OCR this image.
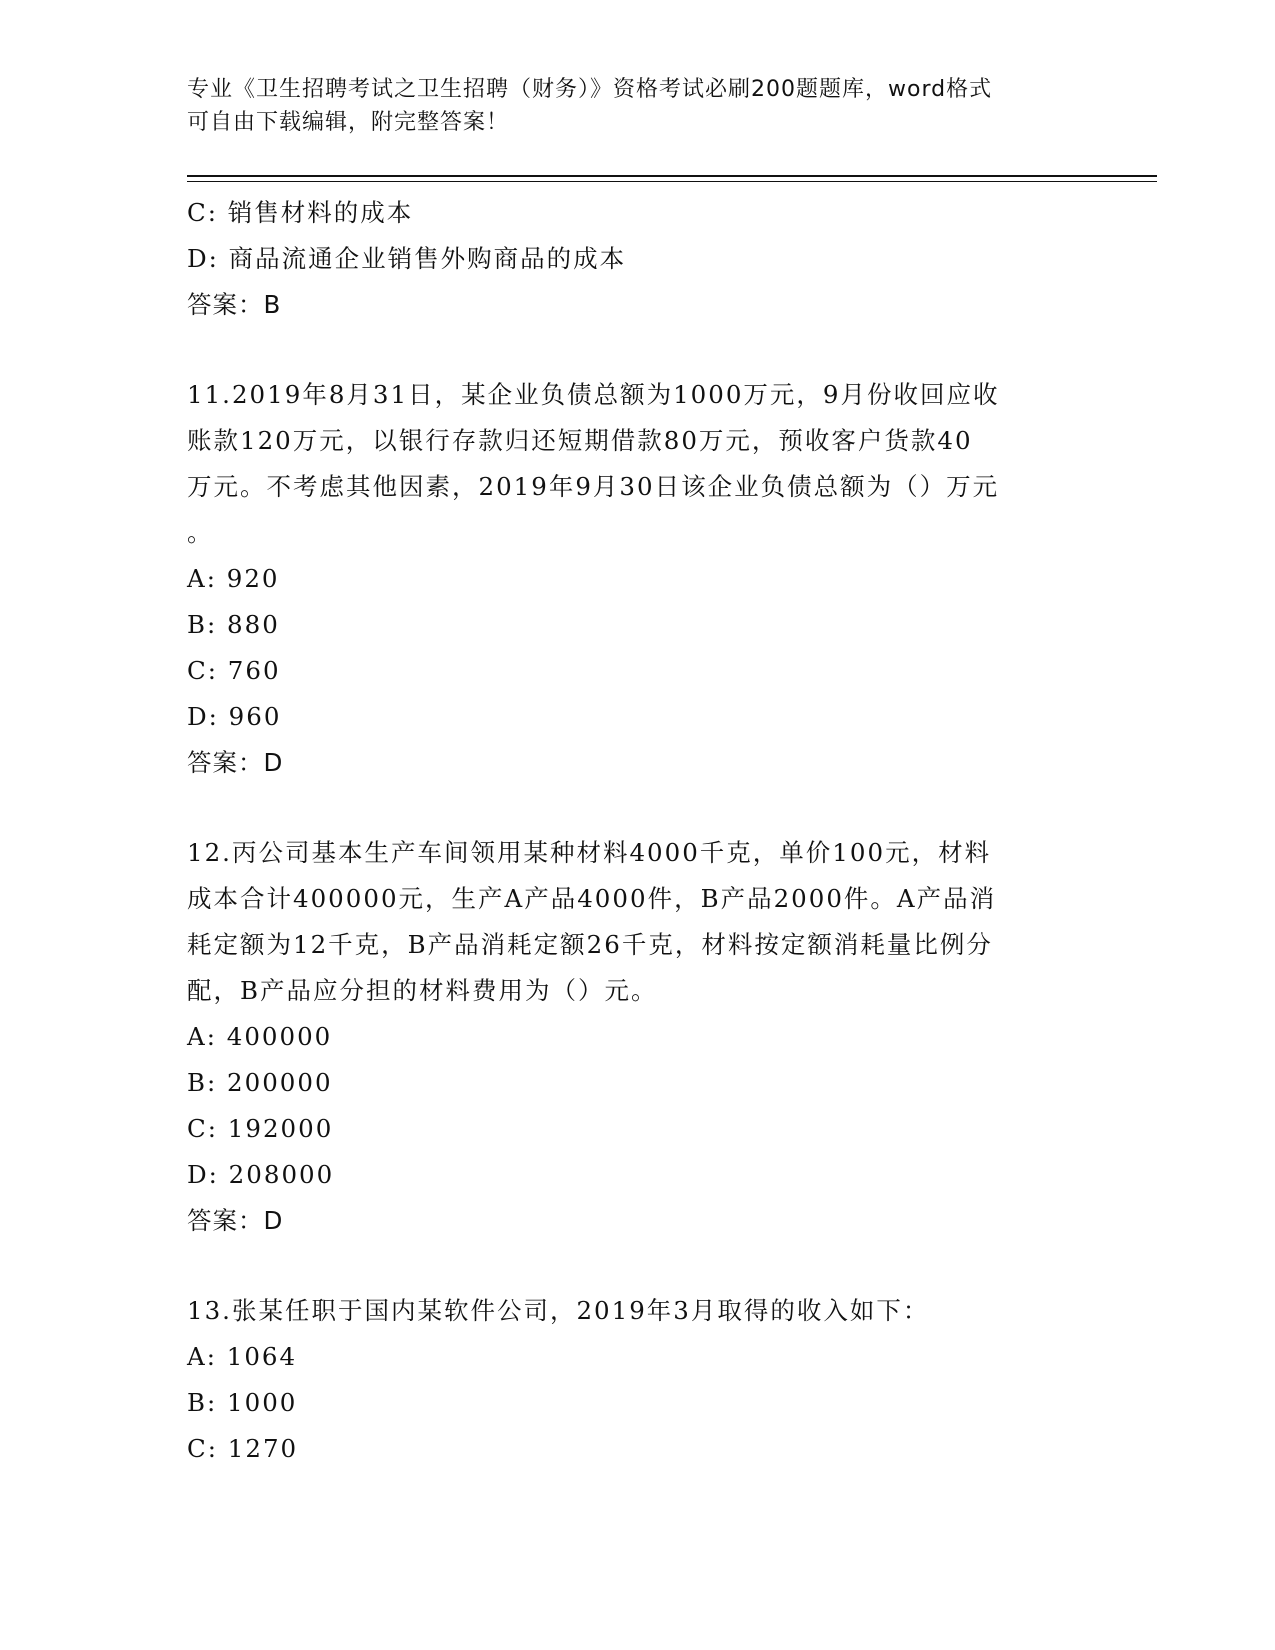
专业《卫生招聘考试之卫生招聘（财务）》资格考试必刷200题题库，word格式
可自由下载编辑，附完整答案！
C: 销售材料的成本
D: 商品流通企业销售外购商品的成本
答案：B
11.2019年8月31日，某企业负债总额为1000万元，9月份收回应收
账款120万元，以银行存款归还短期借款80万元，预收客户货款40
万元。不考虑其他因素，2019年9月30日该企业负债总额为（）万元
。
A: 920
B: 880
C: 760
D: 960
答案：D
12.丙公司基本生产车间领用某种材料4000千克，单价100元，材料
成本合计400000元，生产A产品4000件，B产品2000件。A产品消
耗定额为12千克，B产品消耗定额26千克，材料按定额消耗量比例分
配，B产品应分担的材料费用为（）元。
A: 400000
B: 200000
C: 192000
D: 208000
答案：D
13.张某任职于国内某软件公司，2019年3月取得的收入如下：
A: 1064
B: 1000
C: 1270
